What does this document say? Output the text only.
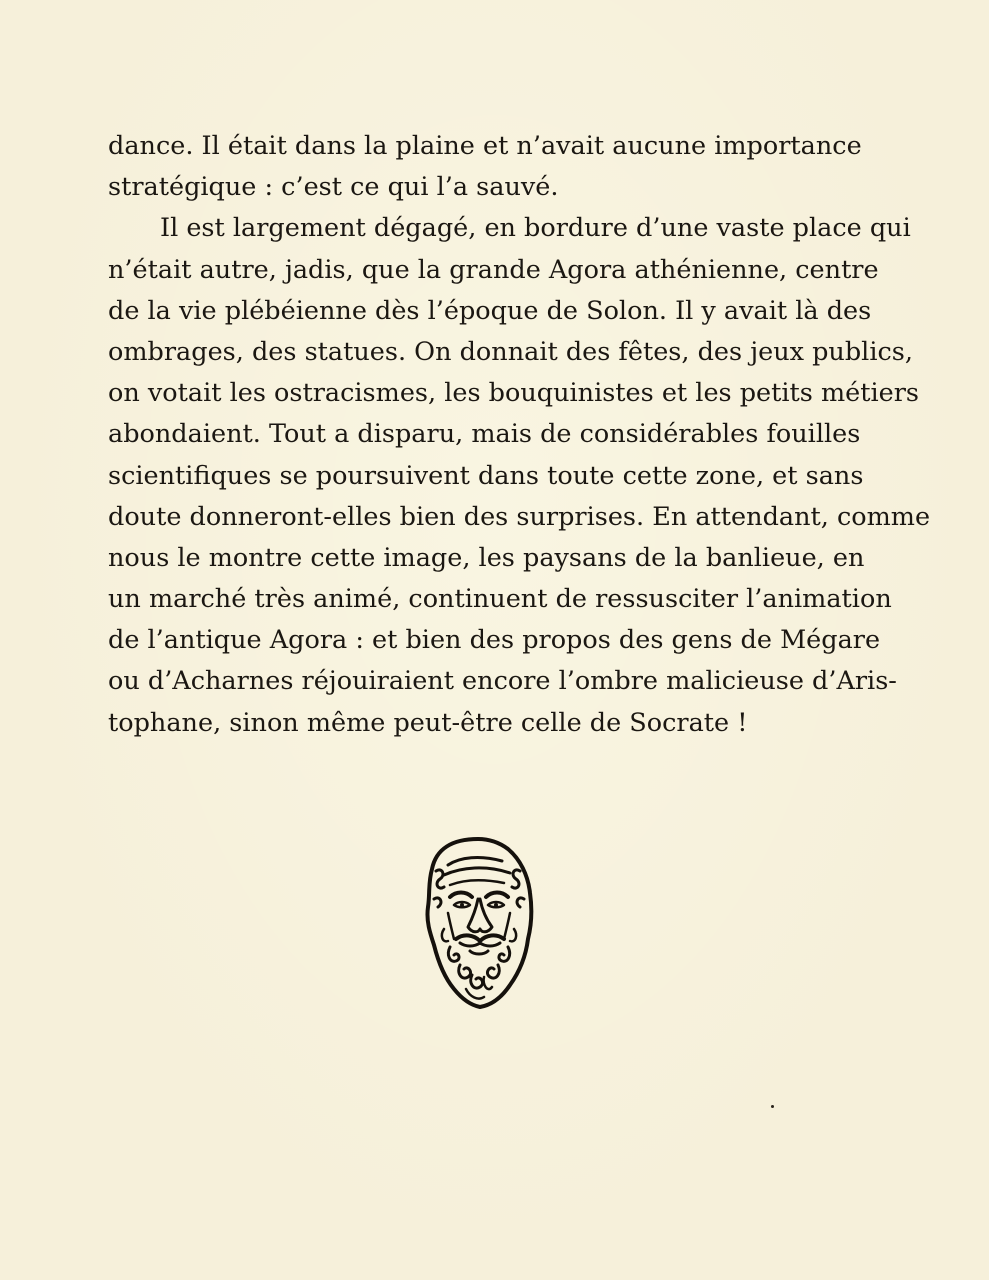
dance. Il était dans la plaine et n’avait aucune importance
stratégique : c’est ce qui l’a sauvé.
Il est largement dégagé, en bordure d’une vaste place qui
n’était autre, jadis, que la grande Agora athénienne, centre
de la vie plébéienne dès l’époque de Solon. Il y avait là des
ombrages, des statues. On donnait des fêtes, des jeux publics,
on votait les ostracismes, les bouquinistes et les petits métiers
abondaient. Tout a disparu, mais de considérables fouilles
scientifiques se poursuivent dans toute cette zone, et sans
doute donneront-elles bien des surprises. En attendant, comme
nous le montre cette image, les paysans de la banlieue, en
un marché très animé, continuent de ressusciter l’animation
de l’antique Agora : et bien des propos des gens de Mégare
ou d’Acharnes réjouiraient encore l’ombre malicieuse d’Aris-
tophane, sinon même peut-être celle de Socrate !
